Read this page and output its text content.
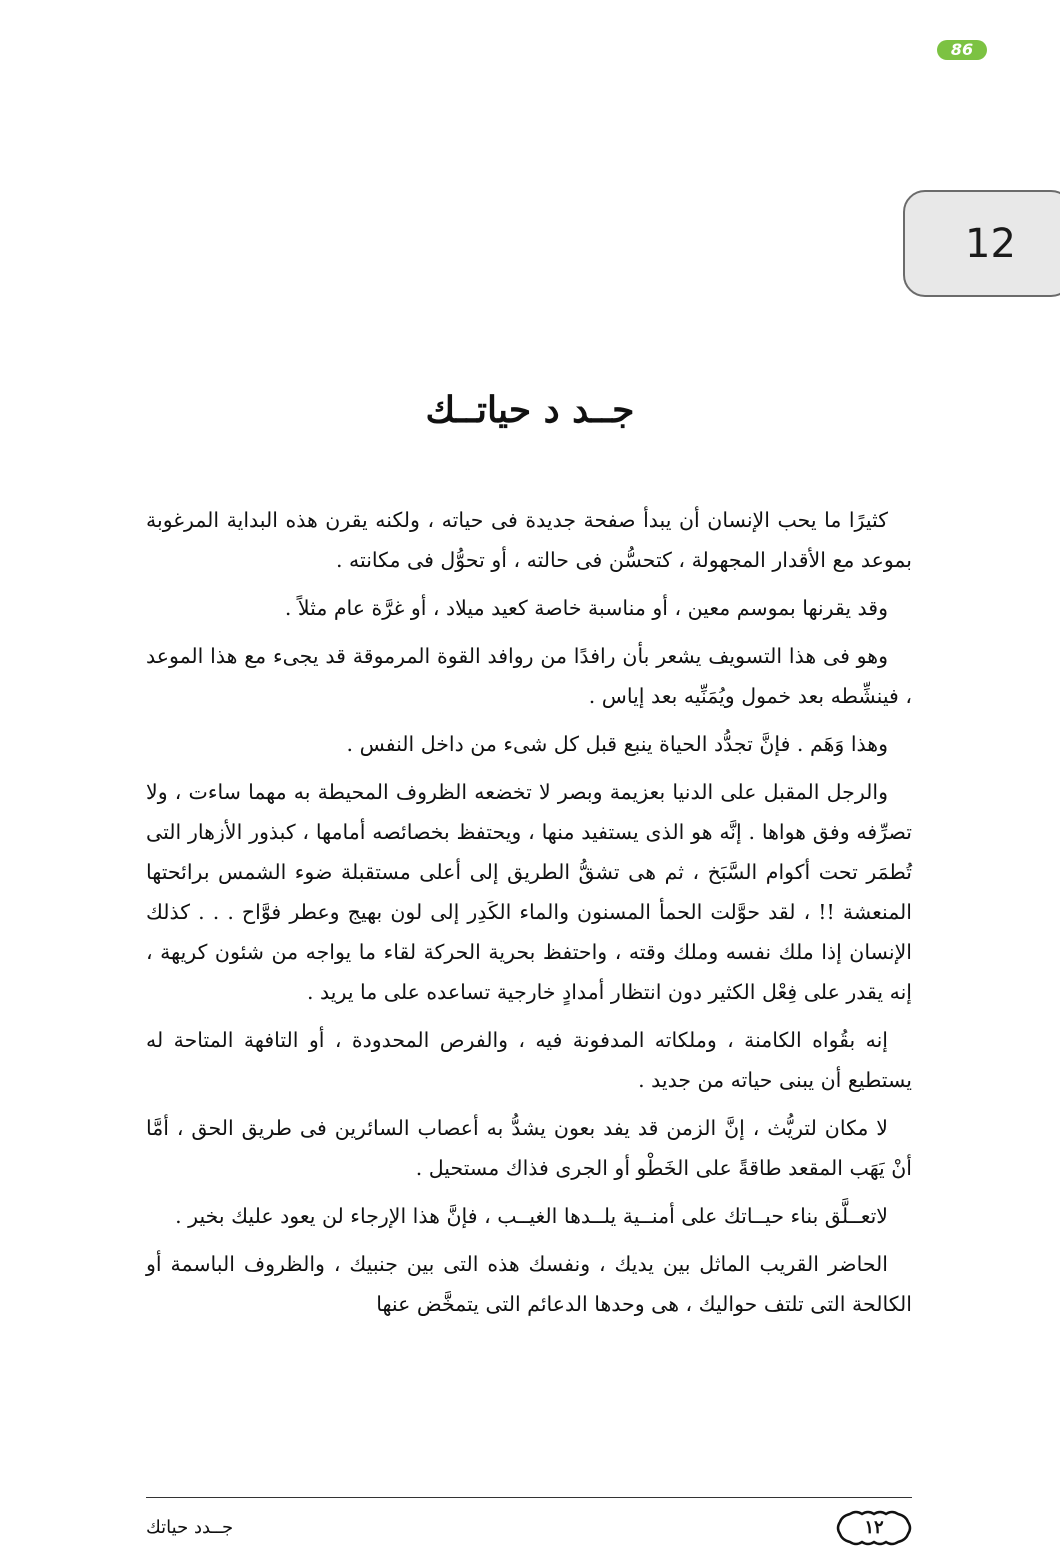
86
12
جــد د حياتــك

كثيرًا ما يحب الإنسان أن يبدأ صفحة جديدة فى حياته ، ولكنه يقرن هذه البداية المرغوبة بموعد مع الأقدار المجهولة ، كتحسُّن فى حالته ، أو تحوُّل فى مكانته .

وقد يقرنها بموسم معين ، أو مناسبة خاصة كعيد ميلاد ، أو غرَّة عام مثلاً .

وهو فى هذا التسويف يشعر بأن رافدًا من روافد القوة المرموقة قد يجىء مع هذا الموعد ، فينشِّطه بعد خمول ويُمَنِّيه بعد إياس .

وهذا وَهَم . فإنَّ تجدُّد الحياة ينبع قبل كل شىء من داخل النفس .

والرجل المقبل على الدنيا بعزيمة وبصر لا تخضعه الظروف المحيطة به مهما ساءت ، ولا تصرِّفه وفق هواها . إنَّه هو الذى يستفيد منها ، ويحتفظ بخصائصه أمامها ، كبذور الأزهار التى تُطمَر تحت أكوام السَّبَخ ، ثم هى تشقُّ الطريق إلى أعلى مستقبلة ضوء الشمس برائحتها المنعشة !! ، لقد حوَّلت الحمأ المسنون والماء الكَدِر إلى لون بهيج وعطر فوَّاح . . . كذلك الإنسان إذا ملك نفسه وملك وقته ، واحتفظ بحرية الحركة لقاء ما يواجه من شئون كريهة ، إنه يقدر على فِعْل الكثير دون انتظار أمدادٍ خارجية تساعده على ما يريد .

إنه بقُواه الكامنة ، وملكاته المدفونة فيه ، والفرص المحدودة ، أو التافهة المتاحة له يستطيع أن يبنى حياته من جديد .

لا مكان لتريُّث ، إنَّ الزمن قد يفد بعون يشدُّ به أعصاب السائرين فى طريق الحق ، أمَّا أنْ يَهَب المقعد طاقةً على الخَطْو أو الجرى فذاك مستحيل .

لاتعــلَّق بناء حيــاتك على أمنــية يلــدها الغيــب ، فإنَّ هذا الإرجاء لن يعود عليك بخير .

الحاضر القريب الماثل بين يديك ، ونفسك هذه التى بين جنبيك ، والظروف الباسمة أو الكالحة التى تلتف حواليك ، هى وحدها الدعائم التى يتمخَّض عنها

جــدد حياتك	١٢
